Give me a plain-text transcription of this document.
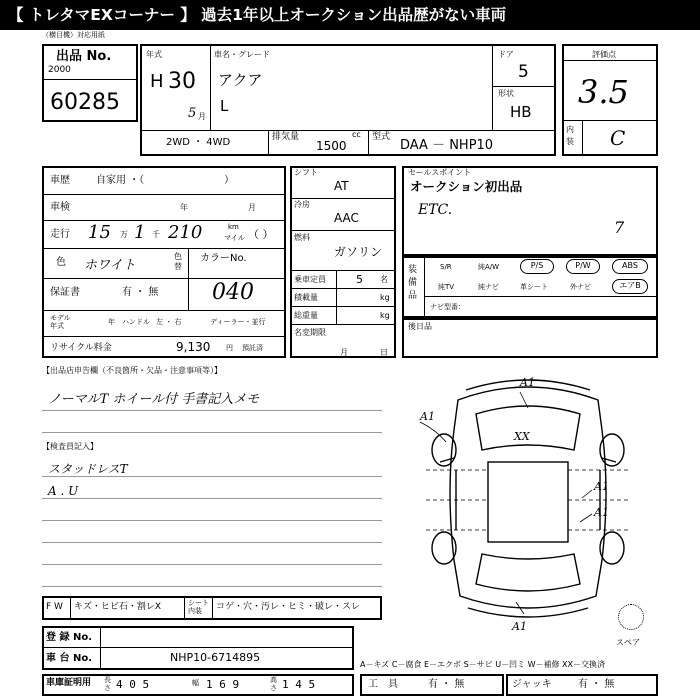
【 トレタマEXコーナー 】 過去1年以上オークション出品歴がない車両
（横目機）対応用紙
出品 No.
2000
60285
年式
H 30
5 月
車名・グレード
アクア
L
ドア
5
形状
HB
2WD ・ 4WD	排気量	cc
1500
型式
DAA － NHP10
評価点
3.5
内装 C
車歴	自家用 ・（　　　　　　　　）
車検	年	月
走行 15 万 1 千 210	km
マイル （ ）
色 ホワイト
色替
カラーNo.
040
保証書	有 ・ 無
モデル年式	年 ハンドル 左 ・ 右	ディーラー・並行
リサイクル料金	9,130 円 預託済
シフト
AT
冷房
AAC
燃料
ガソリン
乗車定員	5 名
積載量	kg
総重量	kg
名変期限
月	日
セールスポイント
オークション初出品
ETC.
7
装備品
S/R	純A/W	P/S	P/W	ABS
純TV	純ナビ	革シート	外ナビ	エアB
ナビ型番：
後日品
【出品店申告欄（不良箇所・欠品・注意事項等）】
ノーマルT ホイール付 手書記入メモ
【検査員記入】
スタッドレスT
A . U
A1
A1
XX
A1
A1
A1
スペア
F W キズ・ヒビ石・割レX	シート内装	コゲ・穴・汚レ・ヒミ・破レ・スレ
登 録 No.
車 台 No.	NHP10-6714895
A－キズ C－腐食 E－エクボ S－サビ U－凹ミ W－補修 XX－交換済
車庫証明用 長さ 4 0 5	幅 1 6 9	高さ 1 4 5	工　具	有 ・ 無	ジャッキ	有 ・ 無
